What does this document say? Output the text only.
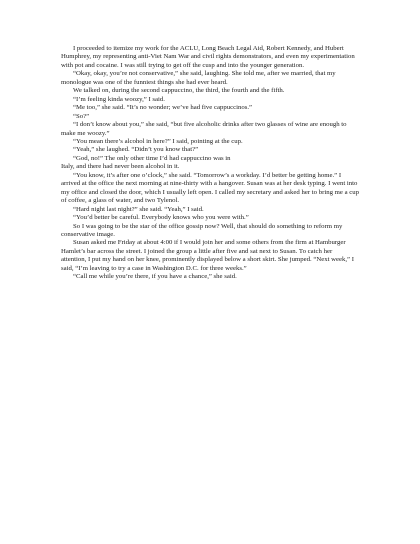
I proceeded to itemize my work for the ACLU, Long Beach Legal Aid, Robert Kennedy, and Hubert Humphrey, my representing anti-Viet Nam War and civil rights demonstrators, and even my experimentation with pot and cocaine. I was still trying to get off the cusp and into the younger generation.

“Okay, okay, you’re not conservative,” she said, laughing. She told me, after we married, that my monologue was one of the funniest things she had ever heard.

We talked on, during the second cappuccino, the third, the fourth and the fifth.

“I’m feeling kinda woozy,” I said.

“Me too,” she said. “It’s no wonder; we’ve had five cappuccinos.”

“So?”

“I don’t know about you,” she said, “but five alcoholic drinks after two glasses of wine are enough to make me woozy.”

“You mean there’s alcohol in here?” I said, pointing at the cup.

“Yeah,” she laughed. “Didn’t you know that?”

“God, no!” The only other time I’d had cappuccino was in

Italy, and there had never been alcohol in it.

“You know, it’s after one o’clock,” she said. “Tomorrow’s a workday. I’d better be getting home.” I arrived at the office the next morning at nine-thirty with a hangover. Susan was at her desk typing. I went into my office and closed the door, which I usually left open. I called my secretary and asked her to bring me a cup of coffee, a glass of water, and two Tylenol.

“Hard night last night?” she said. “Yeah,” I said.

“You’d better be careful. Everybody knows who you were with.”

So I was going to be the star of the office gossip now? Well, that should do something to reform my conservative image.

Susan asked me Friday at about 4:00 if I would join her and some others from the firm at Hamburger Hamlet’s bar across the street. I joined the group a little after five and sat next to Susan. To catch her attention, I put my hand on her knee, prominently displayed below a short skirt. She jumped. “Next week,” I said, “I’m leaving to try a case in Washington D.C. for three weeks.”

“Call me while you’re there, if you have a chance,” she said.
